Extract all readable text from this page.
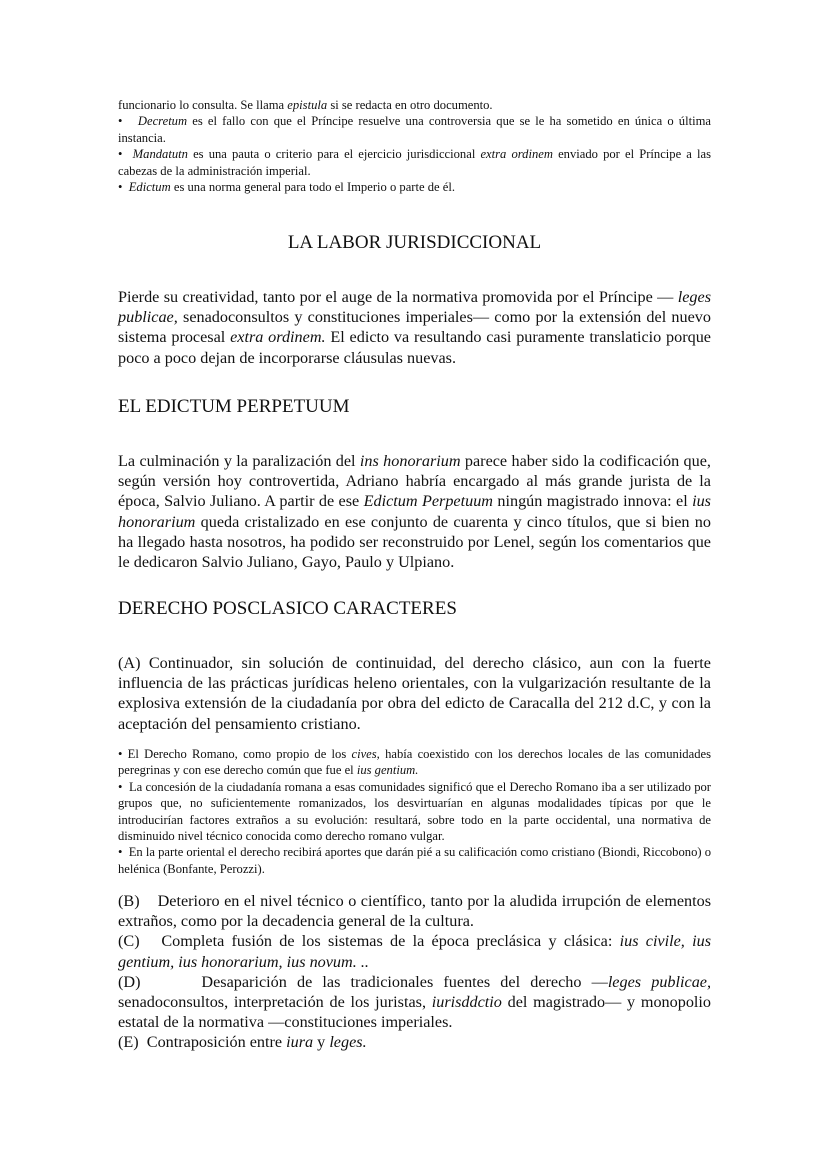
funcionario lo consulta. Se llama epistula si se redacta en otro documento.
• Decretum es el fallo con que el Príncipe resuelve una controversia que se le ha sometido en única o última instancia.
• Mandatutn es una pauta o criterio para el ejercicio jurisdiccional extra ordinem enviado por el Príncipe a las cabezas de la administración imperial.
• Edictum es una norma general para todo el Imperio o parte de él.
LA LABOR JURISDICCIONAL
Pierde su creatividad, tanto por el auge de la normativa promovida por el Príncipe — leges publicae, senadoconsultos y constituciones imperiales— como por la extensión del nuevo sistema procesal extra ordinem. El edicto va resultando casi puramente translaticio porque poco a poco dejan de incorporarse cláusulas nuevas.
EL EDICTUM PERPETUUM
La culminación y la paralización del ins honorarium parece haber sido la codificación que, según versión hoy controvertida, Adriano habría encargado al más grande jurista de la época, Salvio Juliano. A partir de ese Edictum Perpetuum ningún magistrado innova: el ius honorarium queda cristalizado en ese conjunto de cuarenta y cinco títulos, que si bien no ha llegado hasta nosotros, ha podido ser reconstruido por Lenel, según los comentarios que le dedicaron Salvio Juliano, Gayo, Paulo y Ulpiano.
DERECHO POSCLASICO CARACTERES
(A) Continuador, sin solución de continuidad, del derecho clásico, aun con la fuerte influencia de las prácticas jurídicas heleno orientales, con la vulgarización resultante de la explosiva extensión de la ciudadanía por obra del edicto de Caracalla del 212 d.C, y con la aceptación del pensamiento cristiano.
• El Derecho Romano, como propio de los cives, había coexistido con los derechos locales de las comunidades peregrinas y con ese derecho común que fue el ius gentium.
• La concesión de la ciudadanía romana a esas comunidades significó que el Derecho Romano iba a ser utilizado por grupos que, no suficientemente romanizados, los desvirtuarían en algunas modalidades típicas por que le introducirían factores extraños a su evolución: resultará, sobre todo en la parte occidental, una normativa de disminuido nivel técnico conocida como derecho romano vulgar.
• En la parte oriental el derecho recibirá aportes que darán pié a su calificación como cristiano (Biondi, Riccobono) o helénica (Bonfante, Perozzi).
(B) Deterioro en el nivel técnico o científico, tanto por la aludida irrupción de elementos extraños, como por la decadencia general de la cultura.
(C) Completa fusión de los sistemas de la época preclásica y clásica: ius civile, ius gentium, ius honorarium, ius novum. ..
(D)	Desaparición de las tradicionales fuentes del derecho —leges publicae, senadoconsultos, interpretación de los juristas, iurisddctio del magistrado— y monopolio estatal de la normativa —constituciones imperiales.
(E) Contraposición entre iura y leges.
